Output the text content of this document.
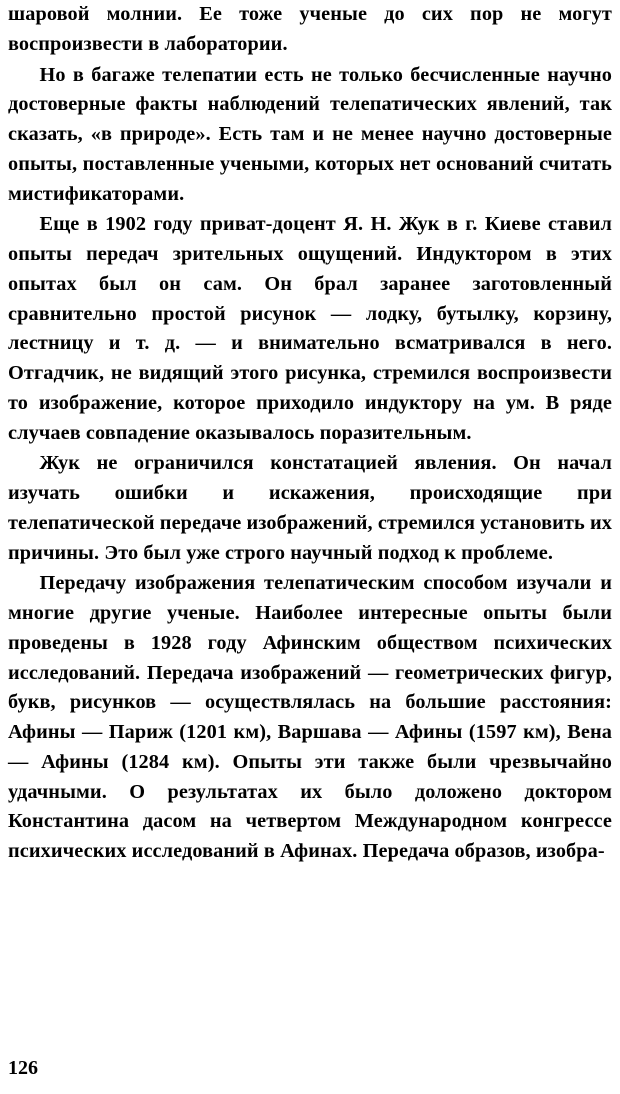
шаровой молнии. Ее тоже ученые до сих пор не могут воспроизвести в лаборатории.

Но в багаже телепатии есть не только бесчисленные научно достоверные факты наблюдений телепатических явлений, так сказать, «в природе». Есть там и не менее научно достоверные опыты, поставленные учеными, которых нет оснований считать мистификаторами.

Еще в 1902 году приват-доцент Я. Н. Жук в г. Киеве ставил опыты передач зрительных ощущений. Индуктором в этих опытах был он сам. Он брал заранее заготовленный сравнительно простой рисунок — лодку, бутылку, корзину, лестницу и т. д. — и внимательно всматривался в него. Отгадчик, не видящий этого рисунка, стремился воспроизвести то изображение, которое приходило индуктору на ум. В ряде случаев совпадение оказывалось поразительным.

Жук не ограничился констатацией явления. Он начал изучать ошибки и искажения, происходящие при телепатической передаче изображений, стремился установить их причины. Это был уже строго научный подход к проблеме.

Передачу изображения телепатическим способом изучали и многие другие ученые. Наиболее интересные опыты были проведены в 1928 году Афинским обществом психических исследований. Передача изображений — геометрических фигур, букв, рисунков — осуществлялась на большие расстояния: Афины — Париж (1201 км), Варшава — Афины (1597 км), Вена — Афины (1284 км). Опыты эти также были чрезвычайно удачными. О результатах их было доложено доктором Константина дасом на четвертом Международном конгрессе психических исследований в Афинах. Передача образов, изобра-

126
